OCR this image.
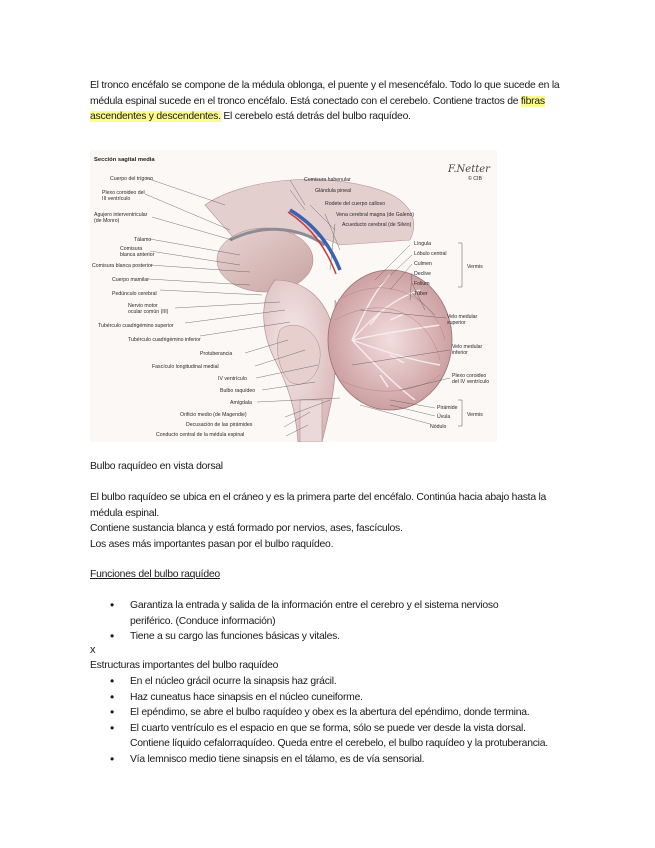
El tronco encéfalo se compone de la médula oblonga, el puente y el mesencéfalo. Todo lo que sucede en la médula espinal sucede en el tronco encéfalo. Está conectado con el cerebelo. Contiene tractos de fibras ascendentes y descendentes. El cerebelo está detrás del bulbo raquídeo.
Sección sagital media
F.Netter
© CIB
Cuerpo del trígono
Plexo coroideo del
III ventrículo
Agujero interventricular
(de Monro)
Tálamo
Comisura
blanca anterior
Comisura blanca posterior
Cuerpo mamilar
Pedúnculo cerebral
Nervio motor
ocular común (III)
Tubérculo cuadrigémino superior
Tubérculo cuadrigémino inferior
Protuberancia
Fascículo longitudinal medial
IV ventrículo
Bulbo raquídeo
Amígdala
Orificio medio (de Magendie)
Decusación de las pirámides
Conducto central de la médula espinal
Comisura habenular
Glándula pineal
Rodete del cuerpo calloso
Vena cerebral magna (de Galeno)
Acueducto cerebral (de Silvio)
Língula
Lóbulo central
Culmen
Declive
Folium
Túber
Velo medular
superior
Velo medular
inferior
Plexo coroideo
del IV ventrículo
Pirámide
Úvula
Nódulo
Vermis
Vermis
Bulbo raquídeo en vista dorsal
El bulbo raquídeo se ubica en el cráneo y es la primera parte del encéfalo. Continúa hacia abajo hasta la médula espinal.
Contiene sustancia blanca y está formado por nervios, ases, fascículos.
Los ases más importantes pasan por el bulbo raquídeo.
Funciones del bulbo raquídeo
• Garantiza la entrada y salida de la información entre el cerebro y el sistema nervioso periférico. (Conduce información)
• Tiene a su cargo las funciones básicas y vitales.
x
Estructuras importantes del bulbo raquídeo
• En el núcleo grácil ocurre la sinapsis haz grácil.
• Haz cuneatus hace sinapsis en el núcleo cuneiforme.
• El epéndimo, se abre el bulbo raquídeo y obex es la abertura del epéndimo, donde termina.
• El cuarto ventrículo es el espacio en que se forma, sólo se puede ver desde la vista dorsal. Contiene líquido cefalorraquídeo. Queda entre el cerebelo, el bulbo raquídeo y la protuberancia.
• Vía lemnisco medio tiene sinapsis en el tálamo, es de vía sensorial.
